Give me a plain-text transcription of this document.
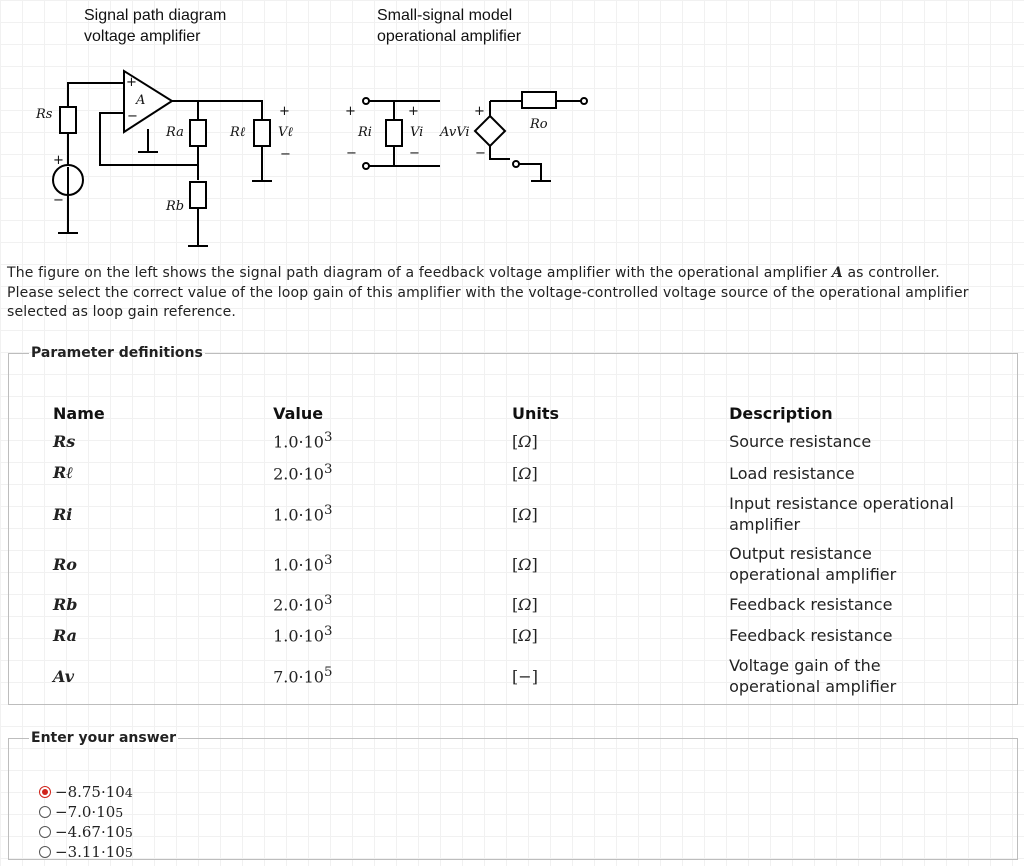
Signal path diagram
voltage amplifier
Small-signal model
operational amplifier
+
−
A
Rs
Ra	Rℓ
Rb
+
Vℓ
−
+
−
+
−
Ri
+
Vi
−
+
−
AvVi
Ro

The figure on the left shows the signal path diagram of a feedback voltage amplifier with the operational amplifier A as controller.

Please select the correct value of the loop gain of this amplifier with the voltage-controlled voltage source of the operational amplifier

selected as loop gain reference.

Parameter definitions
Name	Value	Units	Description
Rs	$1.0\cdot 10^3$	[Ω]	Source resistance

Rℓ	$2.0\cdot 10^3$	[Ω]	Load resistance

Ri	$1.0\cdot 10^3$	[Ω]	Input resistance operational
amplifier

Ro	$1.0\cdot 10^3$	[Ω]	Output resistance
operational amplifier

Rb	$2.0\cdot 10^3$	[Ω]	Feedback resistance

Ra	$1.0\cdot 10^3$	[Ω]	Feedback resistance

Av	$7.0\cdot 10^5$	[−]	Voltage gain of the
operational amplifier
Enter your answer
−8.75·10 4
−7.0·10 5
−4.67·10 5
−3.11·10 5
